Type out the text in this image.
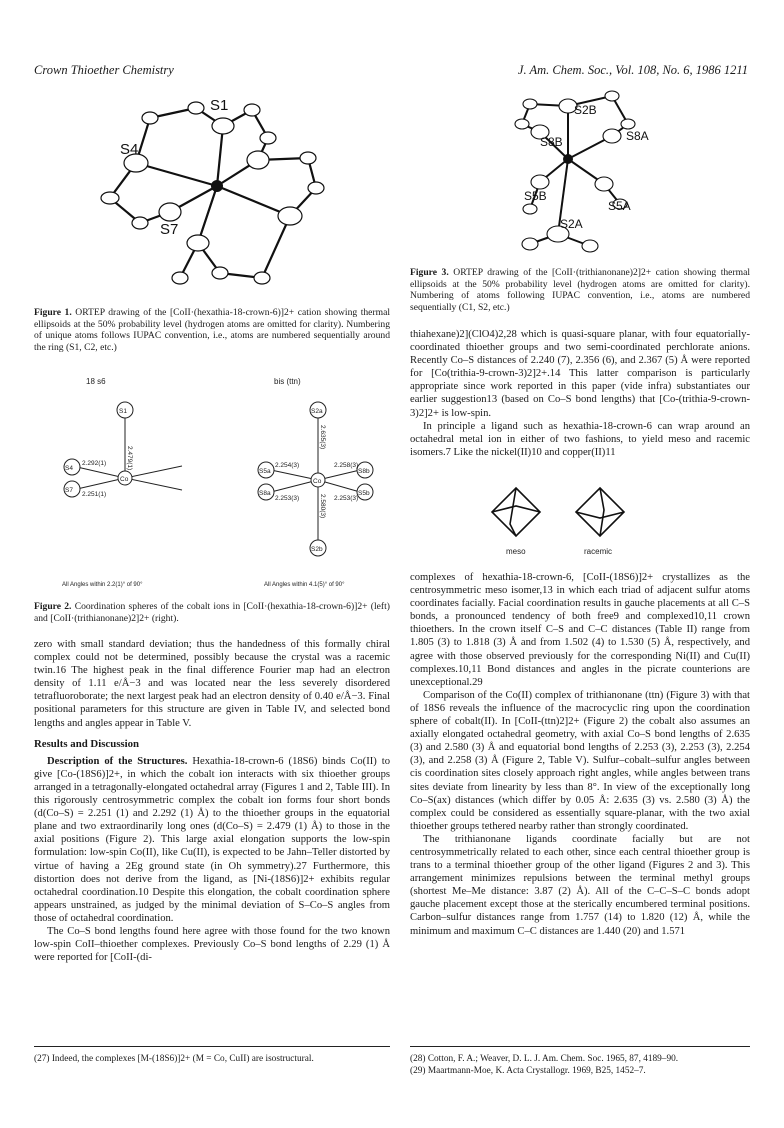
Crown Thioether Chemistry	J. Am. Chem. Soc., Vol. 108, No. 6, 1986 1211
S1
S4
S7
Figure 1. ORTEP drawing of the [CoII·(hexathia-18-crown-6)]2+ cation showing thermal ellipsoids at the 50% probability level (hydrogen atoms are omitted for clarity). Numbering of unique atoms follows IUPAC convention, i.e., atoms are numbered sequentially around the ring (S1, C2, etc.)
18 s6	bis (ttn)
S1
S4
S7
Co
2.479(1)
2.292(1)
2.251(1)
S2a
S5a
S8a
S2b
S5b
S8b
Co
2.635(3)
2.254(3)	2.258(3)
2.253(3)	2.253(3)
2.580(3)
All Angles within 2.2(1)° of 90°	All Angles within 4.1(5)° of 90°
Figure 2. Coordination spheres of the cobalt ions in [CoII·(hexathia-18-crown-6)]2+ (left) and [CoII·(trithianonane)2]2+ (right).

zero with small standard deviation; thus the handedness of this formally chiral complex could not be determined, possibly because the crystal was a racemic twin.16 The highest peak in the final difference Fourier map had an electron density of 1.11 e/Å−3 and was located near the less severely disordered tetrafluoroborate; the next largest peak had an electron density of 0.40 e/Å−3. Final positional parameters for this structure are given in Table IV, and selected bond lengths and angles appear in Table V.

Results and Discussion

Description of the Structures. Hexathia-18-crown-6 (18S6) binds Co(II) to give [Co-(18S6)]2+, in which the cobalt ion interacts with six thioether groups arranged in a tetragonally-elongated octahedral array (Figures 1 and 2, Table III). In this rigorously centrosymmetric complex the cobalt ion forms four short bonds (d(Co–S) = 2.251 (1) and 2.292 (1) Å) to the thioether groups in the equatorial plane and two extraordinarily long ones (d(Co–S) = 2.479 (1) Å) to those in the axial positions (Figure 2). This large axial elongation supports the low-spin formulation: low-spin Co(II), like Cu(II), is expected to be Jahn–Teller distorted by virtue of having a 2Eg ground state (in Oh symmetry).27 Furthermore, this distortion does not derive from the ligand, as [Ni-(18S6)]2+ exhibits regular octahedral coordination.10 Despite this elongation, the cobalt coordination sphere appears unstrained, as judged by the minimal deviation of S–Co–S angles from those of octahedral coordination.

The Co–S bond lengths found here agree with those found for the two known low-spin CoII–thioether complexes. Previously Co–S bond lengths of 2.29 (1) Å were reported for [CoII-(di-

(27) Indeed, the complexes [M-(18S6)]2+ (M = Co, CuII) are isostructural.
S2B
S8B	S8A
S5B
S5A
S2A
Figure 3. ORTEP drawing of the [CoII·(trithianonane)2]2+ cation showing thermal ellipsoids at the 50% probability level (hydrogen atoms are omitted for clarity). Numbering of atoms following IUPAC convention, i.e., atoms are numbered sequentially (C1, S2, etc.)

thiahexane)2](ClO4)2,28 which is quasi-square planar, with four equatorially-coordinated thioether groups and two semi-coordinated perchlorate anions. Recently Co–S distances of 2.240 (7), 2.356 (6), and 2.367 (5) Å were reported for [Co(trithia-9-crown-3)2]2+.14 This latter comparison is particularly appropriate since work reported in this paper (vide infra) substantiates our earlier suggestion13 (based on Co–S bond lengths) that [Co-(trithia-9-crown-3)2]2+ is low-spin.

In principle a ligand such as hexathia-18-crown-6 can wrap around an octahedral metal ion in either of two fashions, to yield meso and racemic isomers.7 Like the nickel(II)10 and copper(II)11

meso	racemic

complexes of hexathia-18-crown-6, [CoII-(18S6)]2+ crystallizes as the centrosymmetric meso isomer,13 in which each triad of adjacent sulfur atoms coordinates facially. Facial coordination results in gauche placements at all C–S bonds, a pronounced tendency of both free9 and complexed10,11 crown thioethers. In the crown itself C–S and C–C distances (Table II) range from 1.805 (3) to 1.818 (3) Å and from 1.502 (4) to 1.530 (5) Å, respectively, and agree with those observed previously for the corresponding Ni(II) and Cu(II) complexes.10,11 Bond distances and angles in the picrate counterions are unexceptional.29

Comparison of the Co(II) complex of trithianonane (ttn) (Figure 3) with that of 18S6 reveals the influence of the macrocyclic ring upon the coordination sphere of cobalt(II). In [CoII-(ttn)2]2+ (Figure 2) the cobalt also assumes an axially elongated octahedral geometry, with axial Co–S bond lengths of 2.635 (3) and 2.580 (3) Å and equatorial bond lengths of 2.253 (3), 2.253 (3), 2.254 (3), and 2.258 (3) Å (Figure 2, Table V). Sulfur–cobalt–sulfur angles between cis coordination sites closely approach right angles, while angles between trans sites deviate from linearity by less than 8°. In view of the exceptionally long Co–S(ax) distances (which differ by 0.05 Å: 2.635 (3) vs. 2.580 (3) Å) the complex could be considered as essentially square-planar, with the two axial thioether groups tethered nearby rather than strongly coordinated.

The trithianonane ligands coordinate facially but are not centrosymmetrically related to each other, since each central thioether group is trans to a terminal thioether group of the other ligand (Figures 2 and 3). This arrangement minimizes repulsions between the terminal methyl groups (shortest Me–Me distance: 3.87 (2) Å). All of the C–C–S–C bonds adopt gauche placement except those at the sterically encumbered terminal positions. Carbon–sulfur distances range from 1.757 (14) to 1.820 (12) Å, while the minimum and maximum C–C distances are 1.440 (20) and 1.571

(28) Cotton, F. A.; Weaver, D. L. J. Am. Chem. Soc. 1965, 87, 4189–90.
(29) Maartmann-Moe, K. Acta Crystallogr. 1969, B25, 1452–7.
